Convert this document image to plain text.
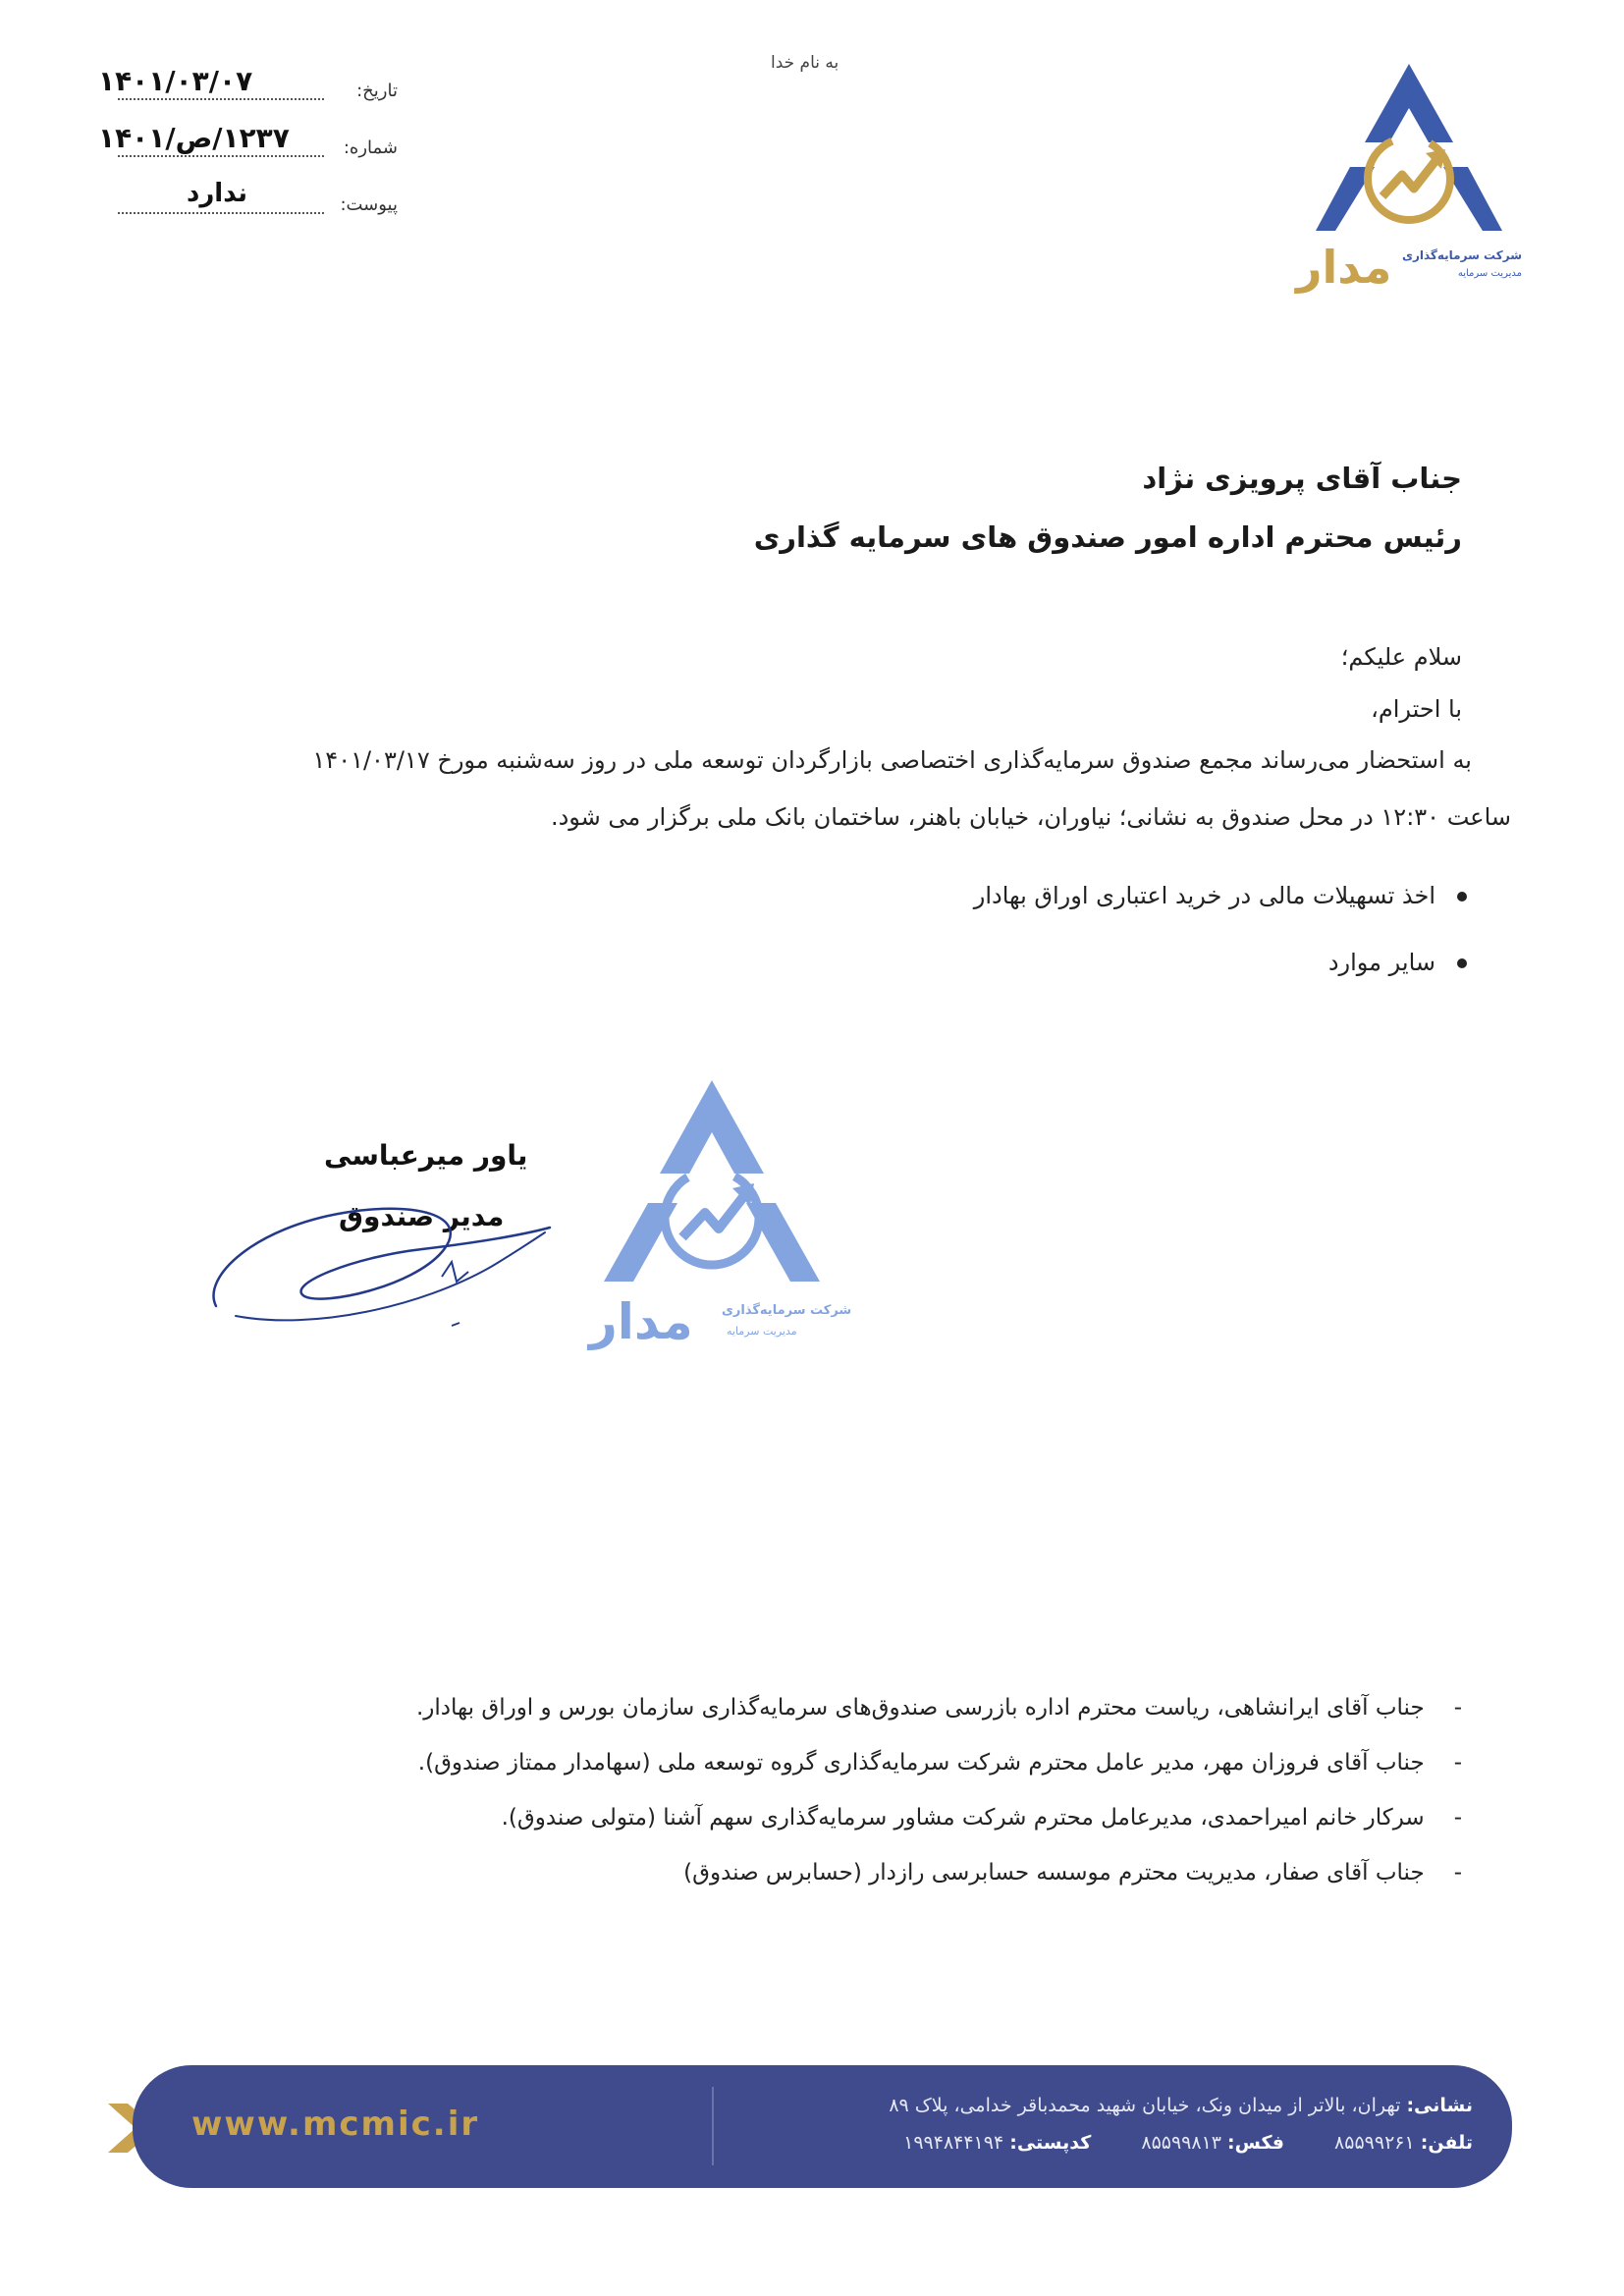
به نام خدا
تاریخ:
۱۴۰۱/۰۳/۰۷
شماره:
۱۲۳۷/ص/۱۴۰۱
پیوست:
ندارد
مدار شرکت سرمایه‌گذاری
مدیریت سرمایه
جناب آقای پرویزی نژاد
رئیس محترم اداره امور صندوق های سرمایه گذاری
سلام علیکم؛
با احترام،
به استحضار می‌رساند مجمع صندوق سرمایه‌گذاری اختصاصی بازارگردان توسعه ملی در روز سه‌شنبه مورخ ۱۴۰۱/۰۳/۱۷
ساعت ۱۲:۳۰ در محل صندوق به نشانی؛ نیاوران، خیابان باهنر، ساختمان بانک ملی برگزار می شود.
اخذ تسهیلات مالی در خرید اعتباری اوراق بهادار
سایر موارد
یاور میرعباسی
مدیر صندوق
مدار شرکت سرمایه‌گذاری
مدیریت سرمایه
-جناب آقای ایرانشاهی، ریاست محترم اداره بازرسی صندوق‌های سرمایه‌گذاری سازمان بورس و اوراق بهادار.
-جناب آقای فروزان مهر، مدیر عامل محترم شرکت سرمایه‌گذاری گروه توسعه ملی (سهامدار ممتاز صندوق).
-سرکار خانم امیراحمدی، مدیرعامل محترم شرکت مشاور سرمایه‌گذاری سهم آشنا (متولی صندوق).
-جناب آقای صفار، مدیریت محترم موسسه حسابرسی رازدار (حسابرس صندوق)
www.mcmic.ir	نشانی: تهران، بالاتر از میدان ونک، خیابان شهید محمدباقر خدامی، پلاک ۸۹
تلفن: ۸۵۵۹۹۲۶۱ فکس: ۸۵۵۹۹۸۱۳ کدپستی: ۱۹۹۴۸۴۴۱۹۴
